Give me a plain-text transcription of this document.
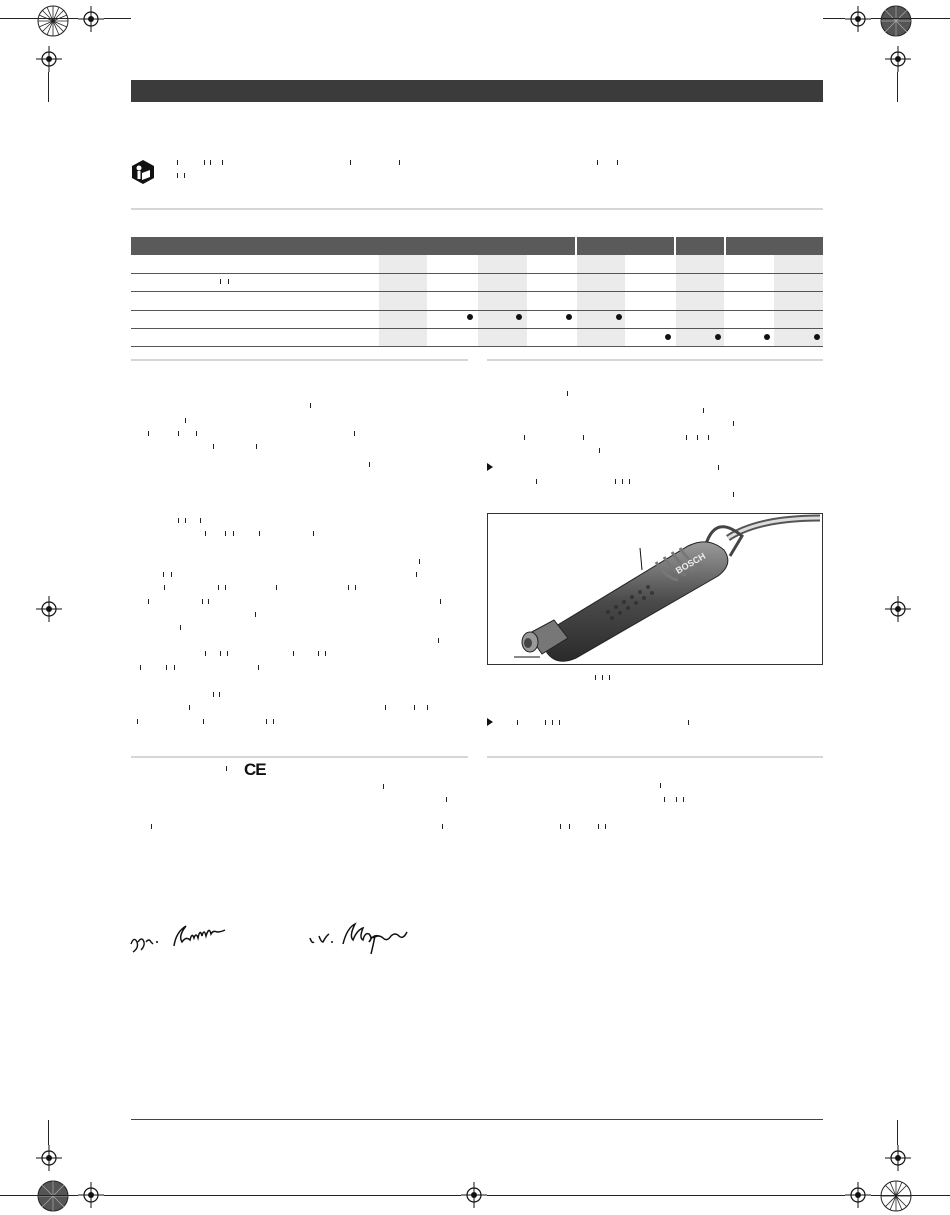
CE
BOSCH
